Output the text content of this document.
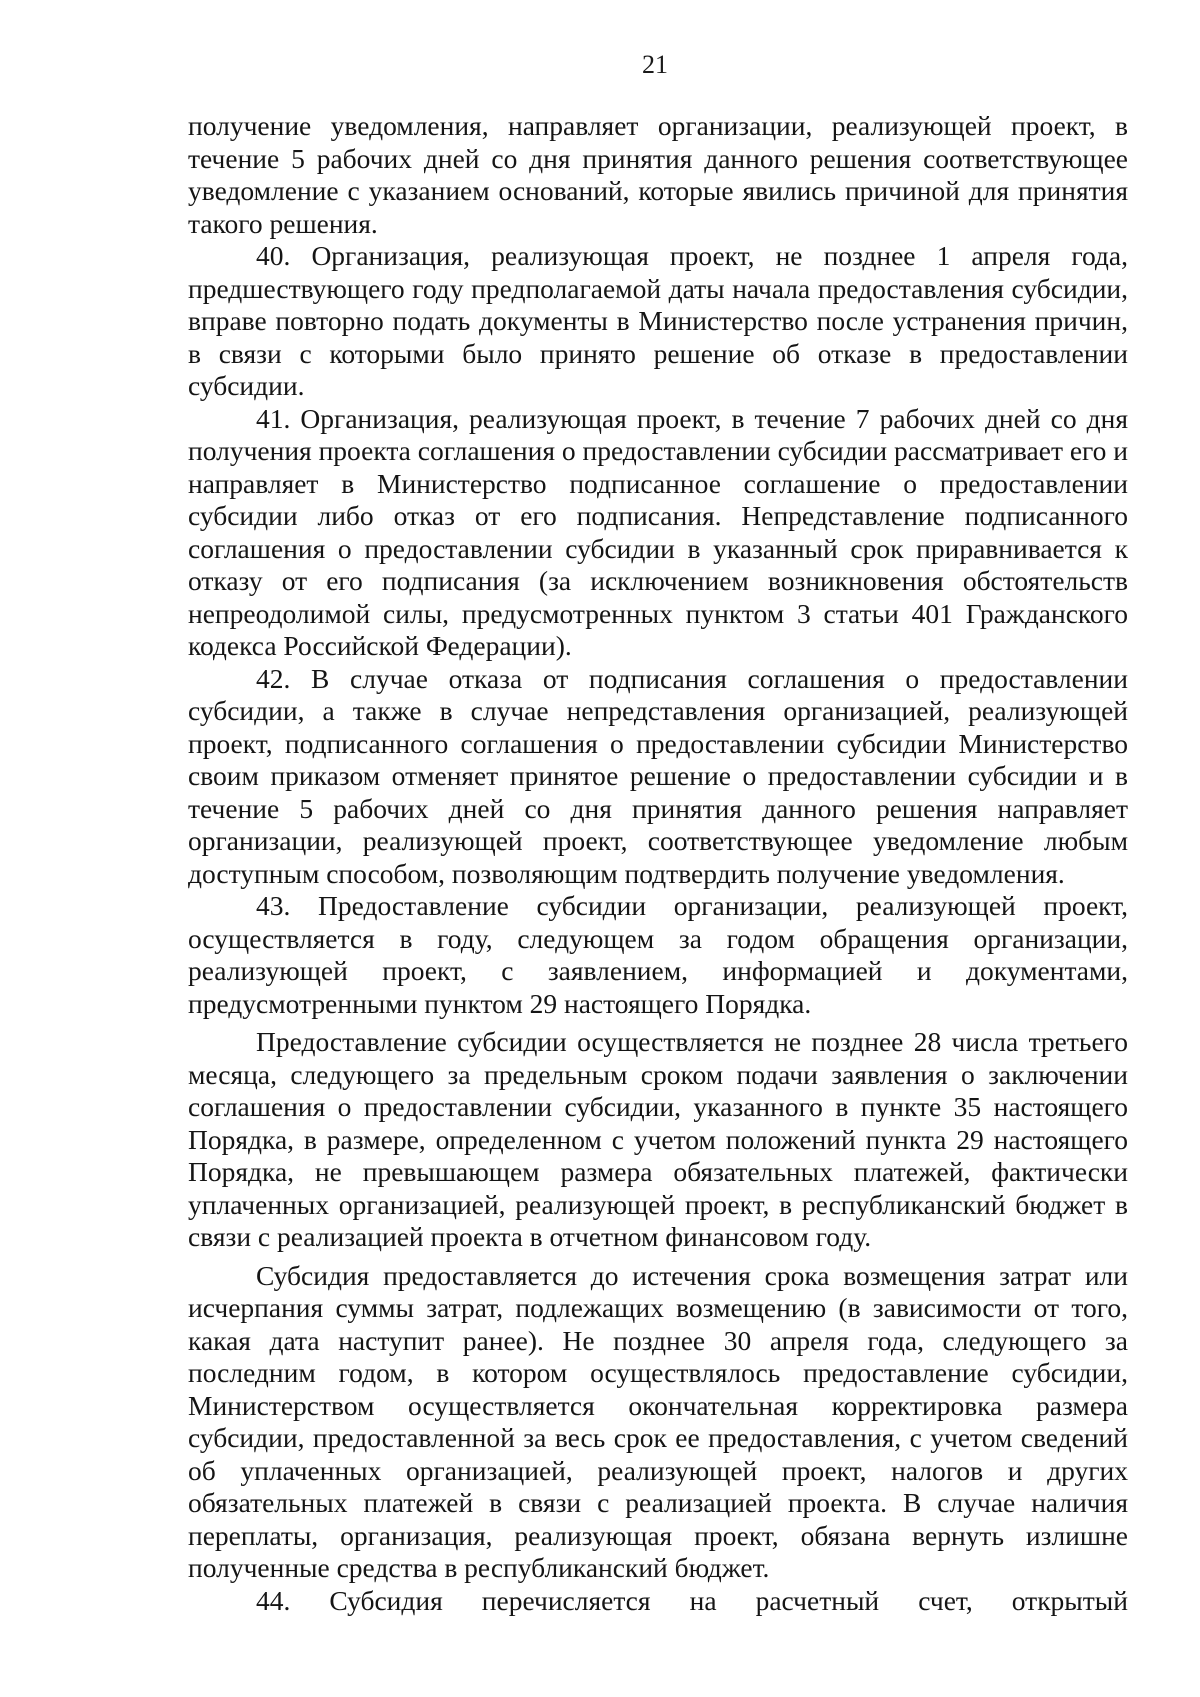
21

получение уведомления, направляет организации, реализующей проект, в течение 5 рабочих дней со дня принятия данного решения соответствующее уведомление с указанием оснований, которые явились причиной для принятия такого решения.

40. Организация, реализующая проект, не позднее 1 апреля года, предшествующего году предполагаемой даты начала предоставления субсидии, вправе повторно подать документы в Министерство после устранения причин, в связи с которыми было принято решение об отказе в предоставлении субсидии.

41. Организация, реализующая проект, в течение 7 рабочих дней со дня получения проекта соглашения о предоставлении субсидии рассматривает его и направляет в Министерство подписанное соглашение о предоставлении субсидии либо отказ от его подписания. Непредставление подписанного соглашения о предоставлении субсидии в указанный срок приравнивается к отказу от его подписания (за исключением возникновения обстоятельств непреодолимой силы, предусмотренных пунктом 3 статьи 401 Гражданского кодекса Российской Федерации).

42. В случае отказа от подписания соглашения о предоставлении субсидии, а также в случае непредставления организацией, реализующей проект, подписанного соглашения о предоставлении субсидии Министерство своим приказом отменяет принятое решение о предоставлении субсидии и в течение 5 рабочих дней со дня принятия данного решения направляет организации, реализующей проект, соответствующее уведомление любым доступным способом, позволяющим подтвердить получение уведомления.

43. Предоставление субсидии организации, реализующей проект, осуществляется в году, следующем за годом обращения организации, реализующей проект, с заявлением, информацией и документами, предусмотренными пунктом 29 настоящего Порядка.

Предоставление субсидии осуществляется не позднее 28 числа третьего месяца, следующего за предельным сроком подачи заявления о заключении соглашения о предоставлении субсидии, указанного в пункте 35 настоящего Порядка, в размере, определенном с учетом положений пункта 29 настоящего Порядка, не превышающем размера обязательных платежей, фактически уплаченных организацией, реализующей проект, в республиканский бюджет в связи с реализацией проекта в отчетном финансовом году.

Субсидия предоставляется до истечения срока возмещения затрат или исчерпания суммы затрат, подлежащих возмещению (в зависимости от того, какая дата наступит ранее). Не позднее 30 апреля года, следующего за последним годом, в котором осуществлялось предоставление субсидии, Министерством осуществляется окончательная корректировка размера субсидии, предоставленной за весь срок ее предоставления, с учетом сведений об уплаченных организацией, реализующей проект, налогов и других обязательных платежей в связи с реализацией проекта. В случае наличия переплаты, организация, реализующая проект, обязана вернуть излишне полученные средства в республиканский бюджет.

44. Субсидия перечисляется на расчетный счет, открытый
